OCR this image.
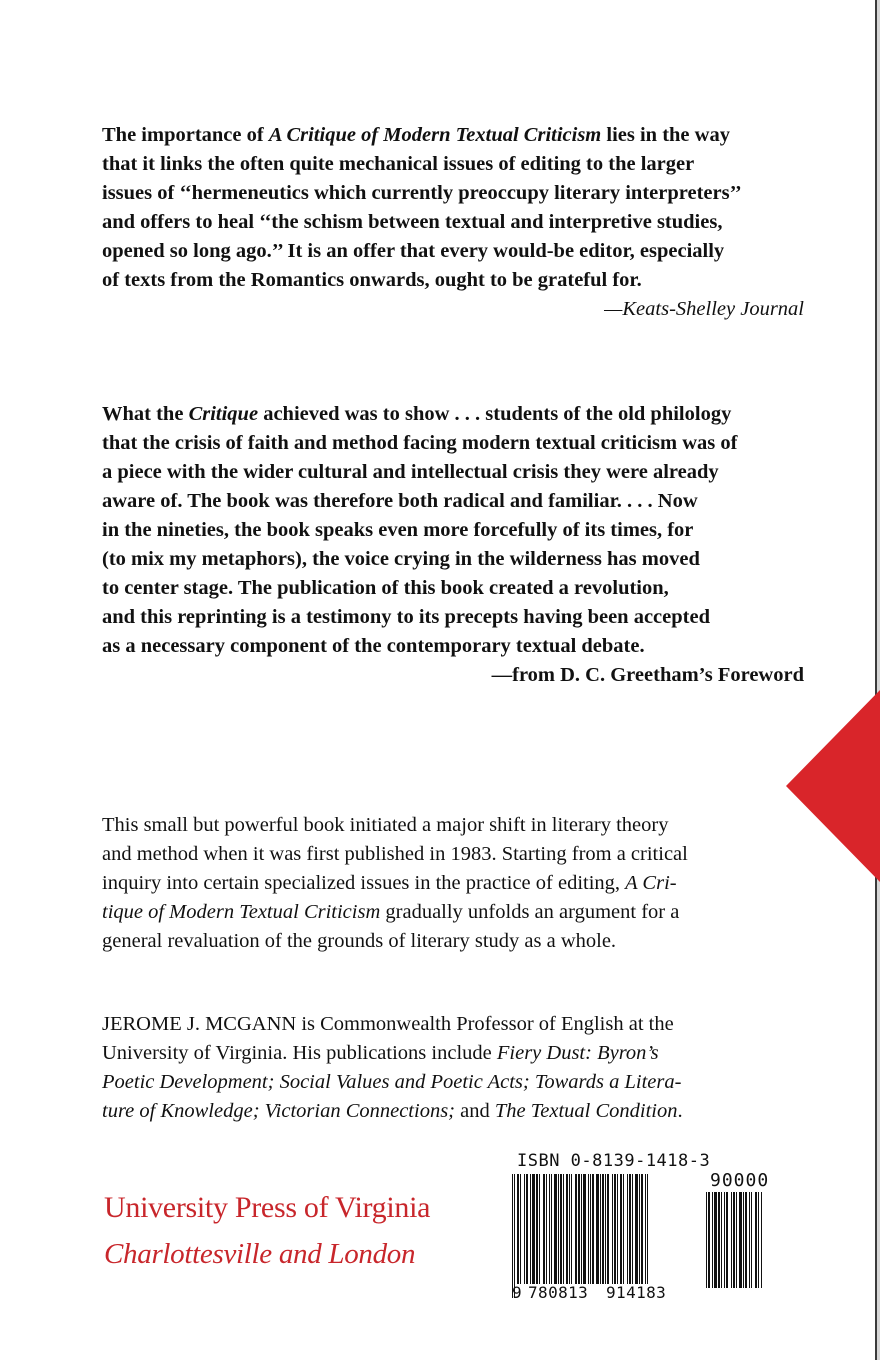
The importance of A Critique of Modern Textual Criticism lies in the way
that it links the often quite mechanical issues of editing to the larger
issues of ‘‘hermeneutics which currently preoccupy literary interpreters’’
and offers to heal ‘‘the schism between textual and interpretive studies,
opened so long ago.’’ It is an offer that every would-be editor, especially
of texts from the Romantics onwards, ought to be grateful for.
—Keats-Shelley Journal
What the Critique achieved was to show . . . students of the old philology
that the crisis of faith and method facing modern textual criticism was of
a piece with the wider cultural and intellectual crisis they were already
aware of. The book was therefore both radical and familiar. . . . Now
in the nineties, the book speaks even more forcefully of its times, for
(to mix my metaphors), the voice crying in the wilderness has moved
to center stage. The publication of this book created a revolution,
and this reprinting is a testimony to its precepts having been accepted
as a necessary component of the contemporary textual debate.
—from D. C. Greetham’s Foreword
This small but powerful book initiated a major shift in literary theory
and method when it was first published in 1983. Starting from a critical
inquiry into certain specialized issues in the practice of editing, A Cri-
tique of Modern Textual Criticism gradually unfolds an argument for a
general revaluation of the grounds of literary study as a whole.
JEROME J. MCGANN is Commonwealth Professor of English at the
University of Virginia. His publications include Fiery Dust: Byron’s
Poetic Development; Social Values and Poetic Acts; Towards a Litera-
ture of Knowledge; Victorian Connections; and The Textual Condition.
University Press of Virginia
Charlottesville and London
ISBN 0-8139-1418-3
90000
9 780813 914183
